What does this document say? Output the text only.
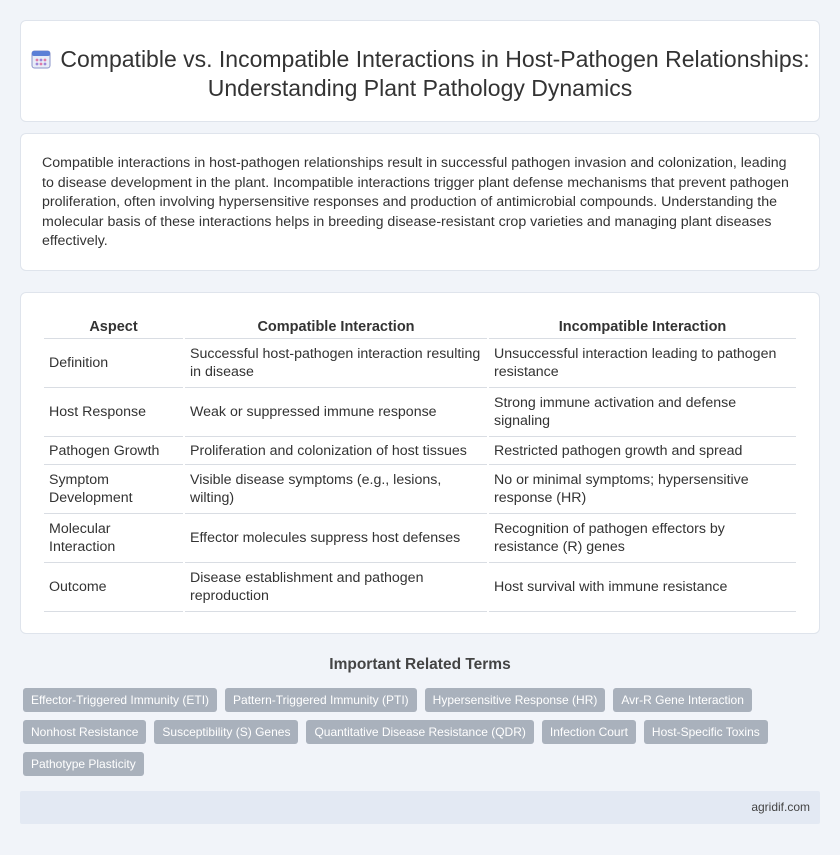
Compatible vs. Incompatible Interactions in Host-Pathogen Relationships: Understanding Plant Pathology Dynamics

Compatible interactions in host-pathogen relationships result in successful pathogen invasion and colonization, leading to disease development in the plant. Incompatible interactions trigger plant defense mechanisms that prevent pathogen proliferation, often involving hypersensitive responses and production of antimicrobial compounds. Understanding the molecular basis of these interactions helps in breeding disease-resistant crop varieties and managing plant diseases effectively.

Aspect	Compatible Interaction	Incompatible Interaction
Definition	Successful host-pathogen interaction resulting in disease	Unsuccessful interaction leading to pathogen resistance
Host Response	Weak or suppressed immune response	Strong immune activation and defense signaling
Pathogen Growth	Proliferation and colonization of host tissues	Restricted pathogen growth and spread
Symptom Development	Visible disease symptoms (e.g., lesions, wilting)	No or minimal symptoms; hypersensitive response (HR)
Molecular Interaction	Effector molecules suppress host defenses	Recognition of pathogen effectors by resistance (R) genes
Outcome	Disease establishment and pathogen reproduction	Host survival with immune resistance
Important Related Terms
Effector-Triggered Immunity (ETI)	Pattern-Triggered Immunity (PTI)	Hypersensitive Response (HR)	Avr-R Gene Interaction
Nonhost Resistance	Susceptibility (S) Genes	Quantitative Disease Resistance (QDR)	Infection Court	Host-Specific Toxins
Pathotype Plasticity
agridif.com
